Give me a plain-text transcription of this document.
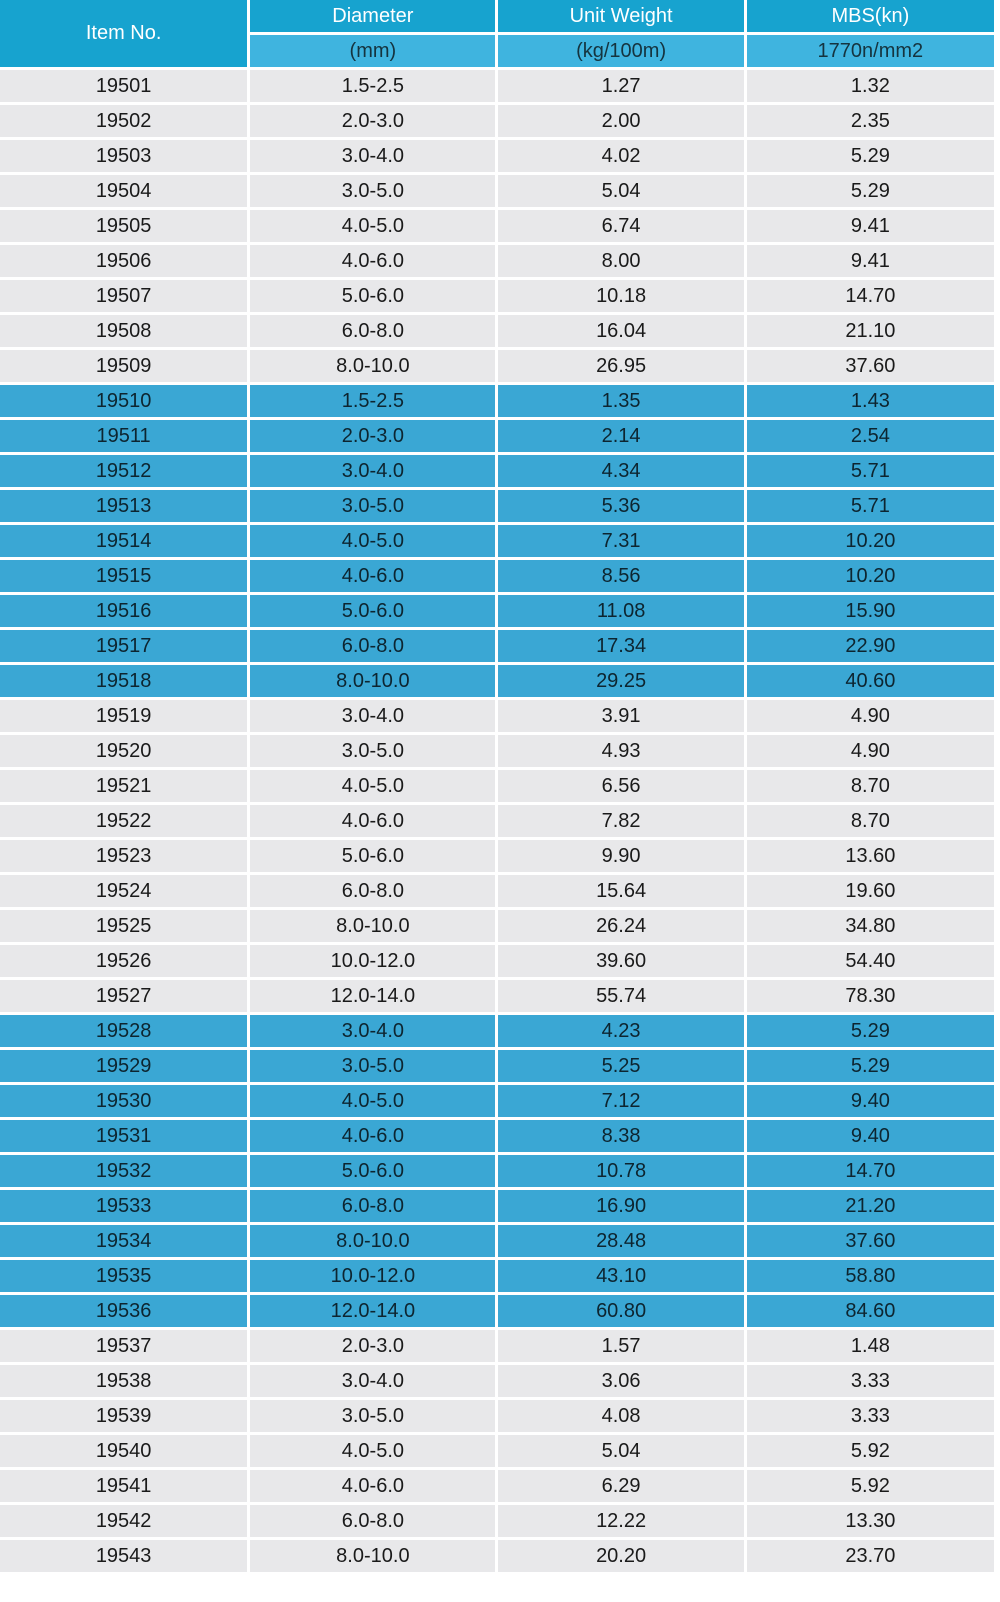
Item No.	Diameter	Unit Weight	MBS(kn)
	(mm)	(kg/100m)	1770n/mm2
19501	1.5-2.5	1.27	1.32
19502	2.0-3.0	2.00	2.35
19503	3.0-4.0	4.02	5.29
19504	3.0-5.0	5.04	5.29
19505	4.0-5.0	6.74	9.41
19506	4.0-6.0	8.00	9.41
19507	5.0-6.0	10.18	14.70
19508	6.0-8.0	16.04	21.10
19509	8.0-10.0	26.95	37.60
19510	1.5-2.5	1.35	1.43
19511	2.0-3.0	2.14	2.54
19512	3.0-4.0	4.34	5.71
19513	3.0-5.0	5.36	5.71
19514	4.0-5.0	7.31	10.20
19515	4.0-6.0	8.56	10.20
19516	5.0-6.0	11.08	15.90
19517	6.0-8.0	17.34	22.90
19518	8.0-10.0	29.25	40.60
19519	3.0-4.0	3.91	4.90
19520	3.0-5.0	4.93	4.90
19521	4.0-5.0	6.56	8.70
19522	4.0-6.0	7.82	8.70
19523	5.0-6.0	9.90	13.60
19524	6.0-8.0	15.64	19.60
19525	8.0-10.0	26.24	34.80
19526	10.0-12.0	39.60	54.40
19527	12.0-14.0	55.74	78.30
19528	3.0-4.0	4.23	5.29
19529	3.0-5.0	5.25	5.29
19530	4.0-5.0	7.12	9.40
19531	4.0-6.0	8.38	9.40
19532	5.0-6.0	10.78	14.70
19533	6.0-8.0	16.90	21.20
19534	8.0-10.0	28.48	37.60
19535	10.0-12.0	43.10	58.80
19536	12.0-14.0	60.80	84.60
19537	2.0-3.0	1.57	1.48
19538	3.0-4.0	3.06	3.33
19539	3.0-5.0	4.08	3.33
19540	4.0-5.0	5.04	5.92
19541	4.0-6.0	6.29	5.92
19542	6.0-8.0	12.22	13.30
19543	8.0-10.0	20.20	23.70
